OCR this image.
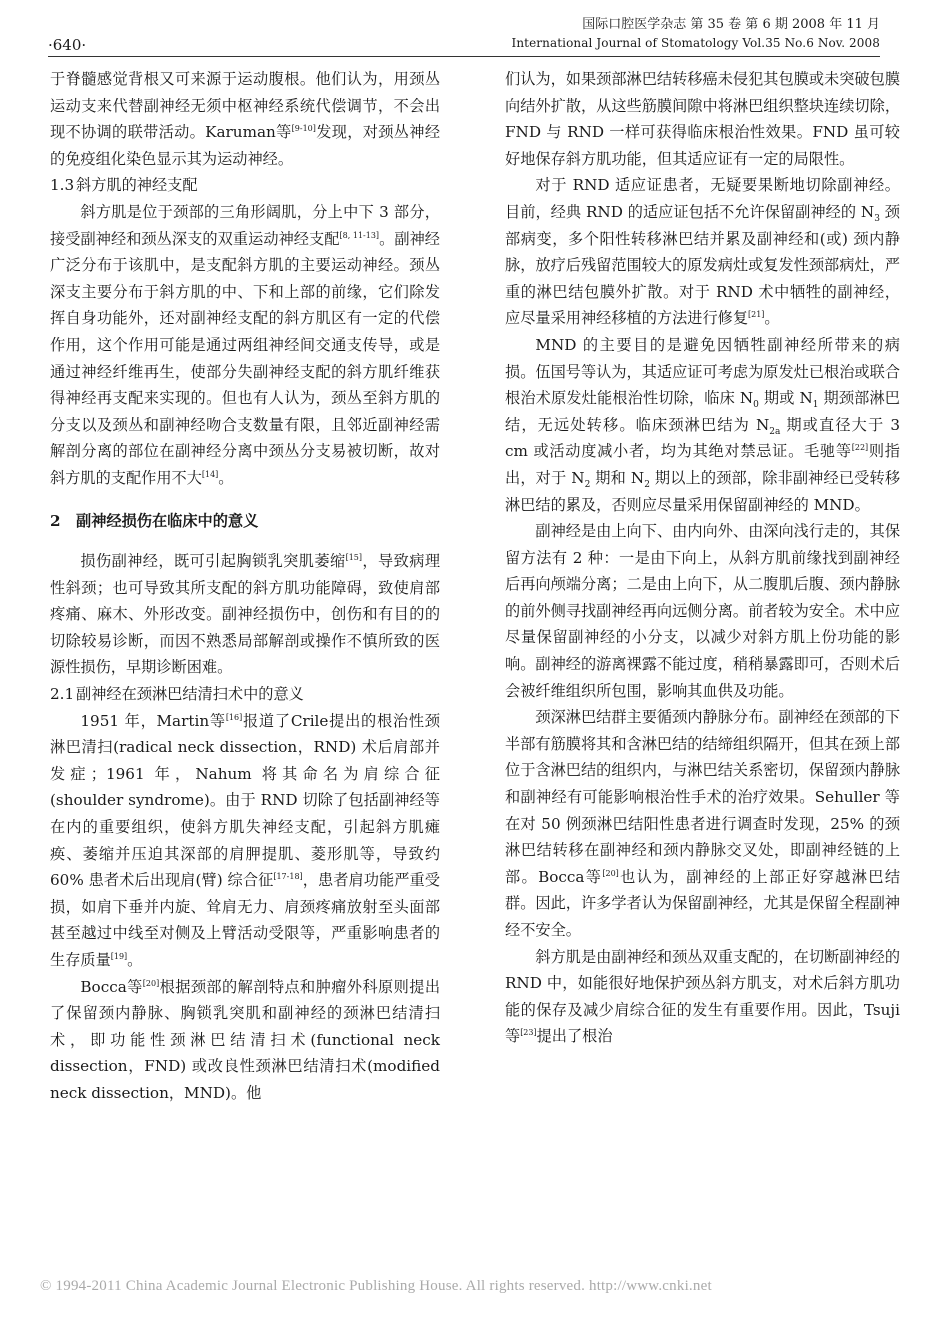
·640·
国际口腔医学杂志 第 35 卷 第 6 期 2008 年 11 月
International Journal of Stomatology Vol.35 No.6 Nov. 2008

于脊髓感觉背根又可来源于运动腹根。他们认为，用颈丛运动支来代替副神经无须中枢神经系统代偿调节，不会出现不协调的联带活动。Karuman等[9-10]发现，对颈丛神经的免疫组化染色显示其为运动神经。

1.3 斜方肌的神经支配

斜方肌是位于颈部的三角形阔肌，分上中下 3 部分，接受副神经和颈丛深支的双重运动神经支配[8, 11-13]。副神经广泛分布于该肌中，是支配斜方肌的主要运动神经。颈丛深支主要分布于斜方肌的中、下和上部的前缘，它们除发挥自身功能外，还对副神经支配的斜方肌区有一定的代偿作用，这个作用可能是通过两组神经间交通支传导，或是通过神经纤维再生，使部分失副神经支配的斜方肌纤维获得神经再支配来实现的。但也有人认为，颈丛至斜方肌的分支以及颈丛和副神经吻合支数量有限，且邻近副神经需解剖分离的部位在副神经分离中颈丛分支易被切断，故对斜方肌的支配作用不大[14]。

2 副神经损伤在临床中的意义

损伤副神经，既可引起胸锁乳突肌萎缩[15]，导致病理性斜颈；也可导致其所支配的斜方肌功能障碍，致使肩部疼痛、麻木、外形改变。副神经损伤中，创伤和有目的的切除较易诊断，而因不熟悉局部解剖或操作不慎所致的医源性损伤，早期诊断困难。

2.1 副神经在颈淋巴结清扫术中的意义

1951 年，Martin等[16]报道了Crile提出的根治性颈淋巴清扫(radical neck dissection，RND) 术后肩部并发症；1961 年，Nahum 将其命名为肩综合征(shoulder syndrome)。由于 RND 切除了包括副神经等在内的重要组织，使斜方肌失神经支配，引起斜方肌瘫痪、萎缩并压迫其深部的肩胛提肌、菱形肌等，导致约 60% 患者术后出现肩(臂) 综合征[17-18]，患者肩功能严重受损，如肩下垂并内旋、耸肩无力、肩颈疼痛放射至头面部甚至越过中线至对侧及上臂活动受限等，严重影响患者的生存质量[19]。

Bocca等[20]根据颈部的解剖特点和肿瘤外科原则提出了保留颈内静脉、胸锁乳突肌和副神经的颈淋巴结清扫术，即功能性颈淋巴结清扫术(functional neck dissection，FND) 或改良性颈淋巴结清扫术(modified neck dissection，MND)。他

们认为，如果颈部淋巴结转移癌未侵犯其包膜或未突破包膜向结外扩散，从这些筋膜间隙中将淋巴组织整块连续切除，FND 与 RND 一样可获得临床根治性效果。FND 虽可较好地保存斜方肌功能，但其适应证有一定的局限性。

对于 RND 适应证患者，无疑要果断地切除副神经。目前，经典 RND 的适应证包括不允许保留副神经的 $N_3$ 颈部病变，多个阳性转移淋巴结并累及副神经和(或) 颈内静脉，放疗后残留范围较大的原发病灶或复发性颈部病灶，严重的淋巴结包膜外扩散。对于 RND 术中牺牲的副神经，应尽量采用神经移植的方法进行修复[21]。

MND 的主要目的是避免因牺牲副神经所带来的病损。伍国号等认为，其适应证可考虑为原发灶已根治或联合根治术原发灶能根治性切除，临床 $N_0$ 期或 $N_1$ 期颈部淋巴结，无远处转移。临床颈淋巴结为 $N_{2a}$ 期或直径大于 3 cm 或活动度减小者，均为其绝对禁忌证。毛驰等[22]则指出，对于 $N_2$ 期和 $N_2$ 期以上的颈部，除非副神经已受转移淋巴结的累及，否则应尽量采用保留副神经的 MND。

副神经是由上向下、由内向外、由深向浅行走的，其保留方法有 2 种：一是由下向上，从斜方肌前缘找到副神经后再向颅端分离；二是由上向下，从二腹肌后腹、颈内静脉的前外侧寻找副神经再向远侧分离。前者较为安全。术中应尽量保留副神经的小分支，以减少对斜方肌上份功能的影响。副神经的游离裸露不能过度，稍稍暴露即可，否则术后会被纤维组织所包围，影响其血供及功能。

颈深淋巴结群主要循颈内静脉分布。副神经在颈部的下半部有筋膜将其和含淋巴结的结缔组织隔开，但其在颈上部位于含淋巴结的组织内，与淋巴结关系密切，保留颈内静脉和副神经有可能影响根治性手术的治疗效果。Sehuller 等在对 50 例颈淋巴结阳性患者进行调查时发现，25% 的颈淋巴结转移在副神经和颈内静脉交叉处，即副神经链的上部。Bocca等[20]也认为，副神经的上部正好穿越淋巴结群。因此，许多学者认为保留副神经，尤其是保留全程副神经不安全。

斜方肌是由副神经和颈丛双重支配的，在切断副神经的 RND 中，如能很好地保护颈丛斜方肌支，对术后斜方肌功能的保存及减少肩综合征的发生有重要作用。因此，Tsuji等[23]提出了根治

© 1994-2011 China Academic Journal Electronic Publishing House. All rights reserved. http://www.cnki.net
